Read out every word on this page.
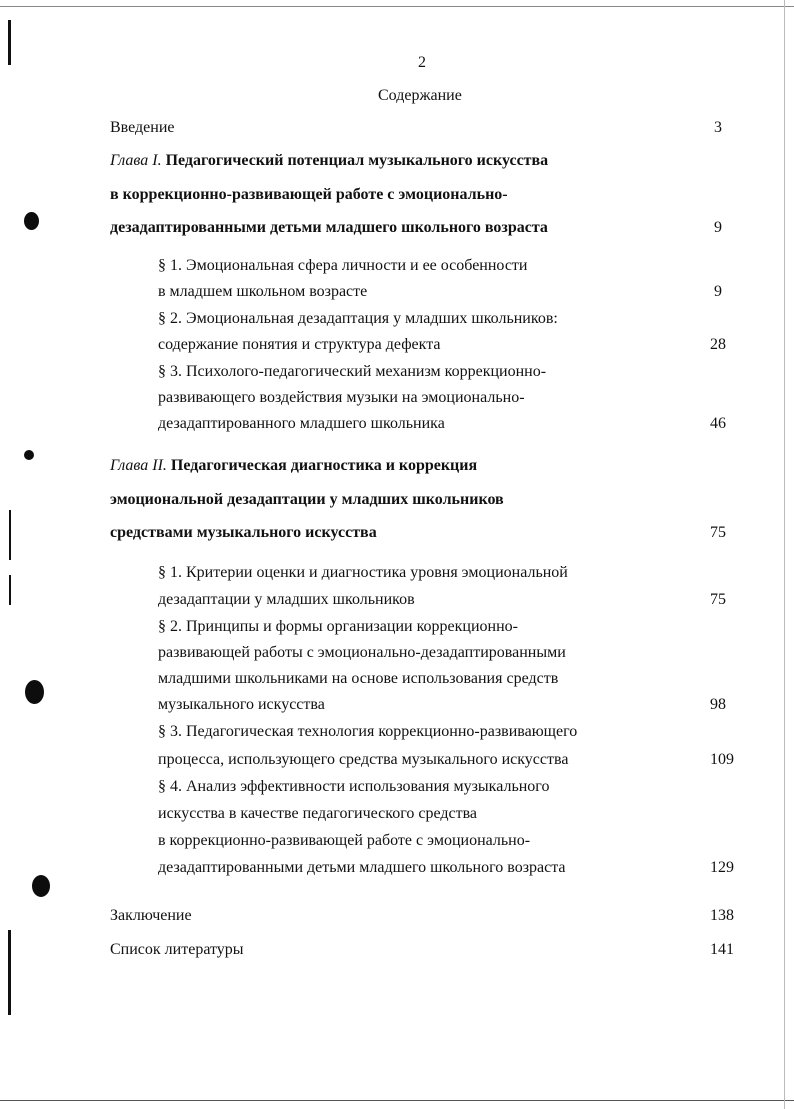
2
Содержание
Введение	3
Глава I. Педагогический потенциал музыкального искусства
в коррекционно-развивающей работе с эмоционально-
дезадаптированными детьми младшего школьного возраста	9
§ 1. Эмоциональная сфера личности и ее особенности
в младшем школьном возрасте	9
§ 2. Эмоциональная дезадаптация у младших школьников:
содержание понятия и структура дефекта	28
§ 3. Психолого-педагогический механизм коррекционно-
развивающего воздействия музыки на эмоционально-
дезадаптированного младшего школьника	46
Глава II. Педагогическая диагностика и коррекция
эмоциональной дезадаптации у младших школьников
средствами музыкального искусства	75
§ 1. Критерии оценки и диагностика уровня эмоциональной
дезадаптации у младших школьников	75
§ 2. Принципы и формы организации коррекционно-
развивающей работы с эмоционально-дезадаптированными
младшими школьниками на основе использования средств
музыкального искусства	98
§ 3. Педагогическая технология коррекционно-развивающего
процесса, использующего средства музыкального искусства	109
§ 4. Анализ эффективности использования музыкального
искусства в качестве педагогического средства
в коррекционно-развивающей работе с эмоционально-
дезадаптированными детьми младшего школьного возраста	129
Заключение	138
Список литературы	141
